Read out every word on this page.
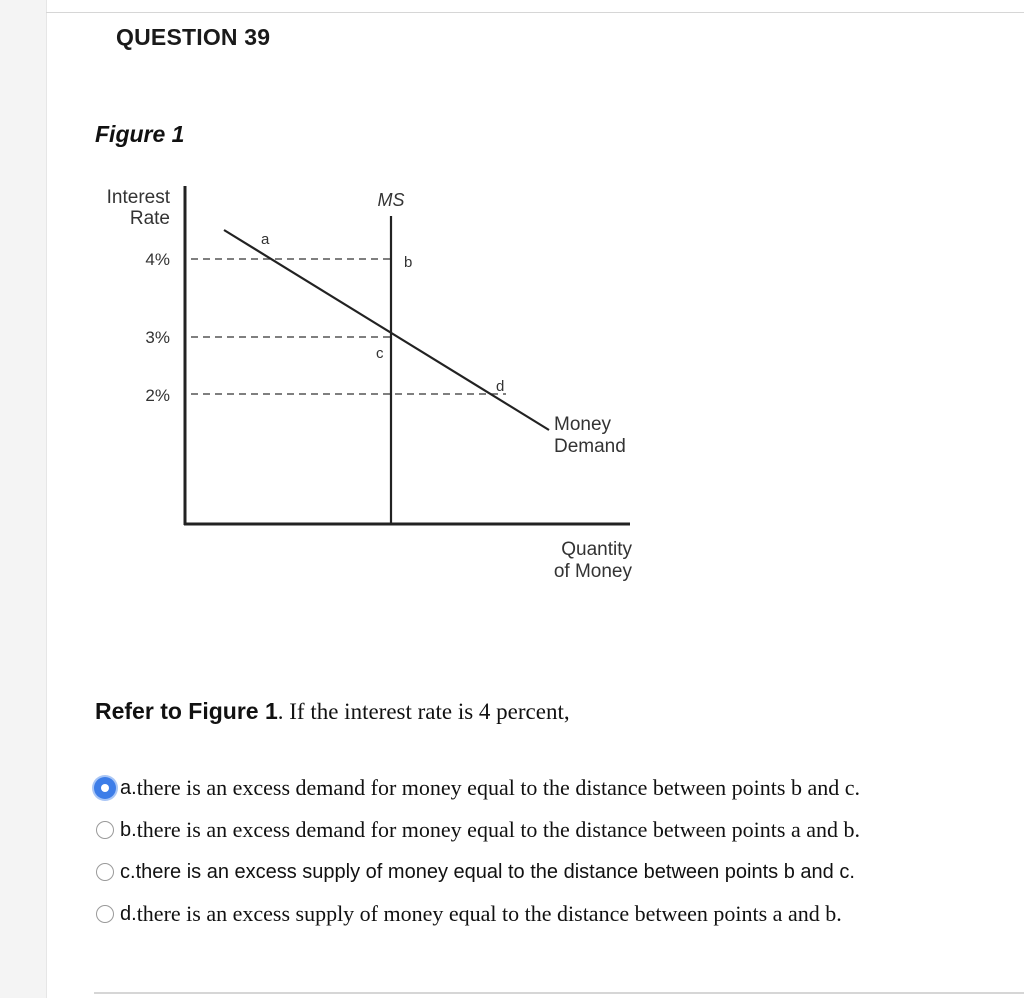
QUESTION 39
Figure 1
Interest
Rate
4%
3%
2%
MS
Money
Demand
a
b
c
d
Quantity
of Money
Refer to Figure 1. If the interest rate is 4 percent,
a. there is an excess demand for money equal to the distance between points b and c.
b. there is an excess demand for money equal to the distance between points a and b.
c. there is an excess supply of money equal to the distance between points b and c.
d. there is an excess supply of money equal to the distance between points a and b.
